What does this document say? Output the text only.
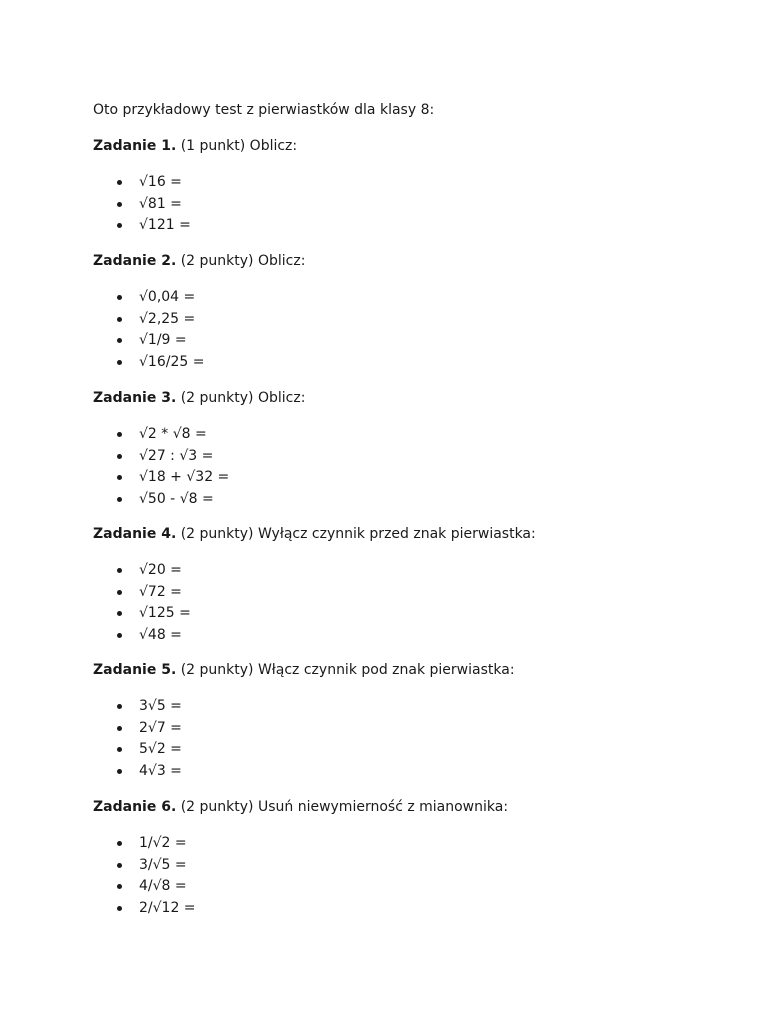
Oto przykładowy test z pierwiastków dla klasy 8:

Zadanie 1. (1 punkt) Oblicz:

√16 =
√81 =
√121 =

Zadanie 2. (2 punkty) Oblicz:

√0,04 =
√2,25 =
√1/9 =
√16/25 =

Zadanie 3. (2 punkty) Oblicz:

√2 * √8 =
√27 : √3 =
√18 + √32 =
√50 - √8 =

Zadanie 4. (2 punkty) Wyłącz czynnik przed znak pierwiastka:

√20 =
√72 =
√125 =
√48 =

Zadanie 5. (2 punkty) Włącz czynnik pod znak pierwiastka:

3√5 =
2√7 =
5√2 =
4√3 =

Zadanie 6. (2 punkty) Usuń niewymierność z mianownika:

1/√2 =
3/√5 =
4/√8 =
2/√12 =
